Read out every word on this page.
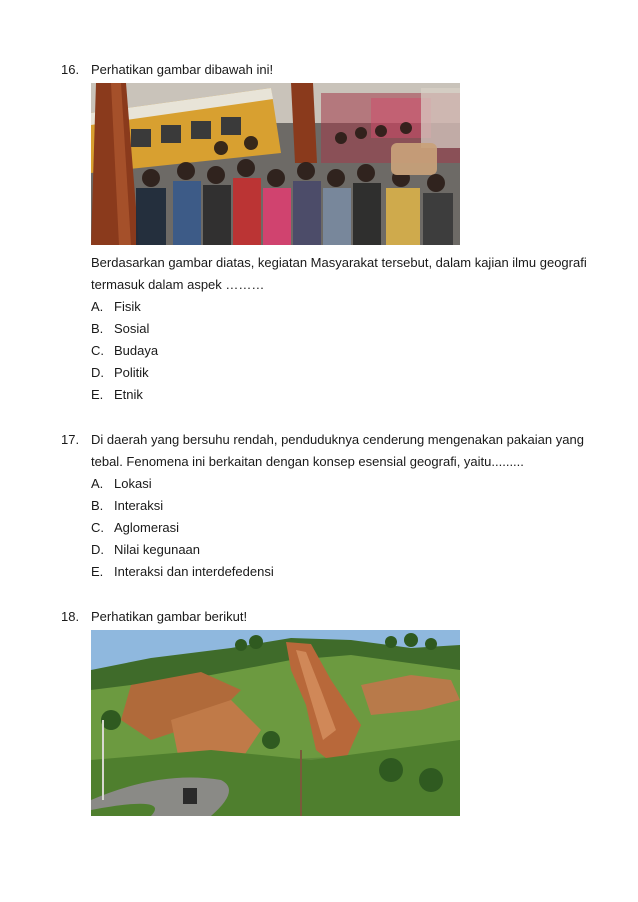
16. Perhatikan gambar dibawah ini!
Berdasarkan gambar diatas, kegiatan Masyarakat tersebut, dalam kajian ilmu geografi
termasuk dalam aspek ………
A. Fisik
B. Sosial
C. Budaya
D. Politik
E. Etnik
17. Di daerah yang bersuhu rendah, penduduknya cenderung mengenakan pakaian yang
tebal. Fenomena ini berkaitan dengan konsep esensial geografi, yaitu.........
A. Lokasi
B. Interaksi
C. Aglomerasi
D. Nilai kegunaan
E. Interaksi dan interdefedensi
18. Perhatikan gambar berikut!
